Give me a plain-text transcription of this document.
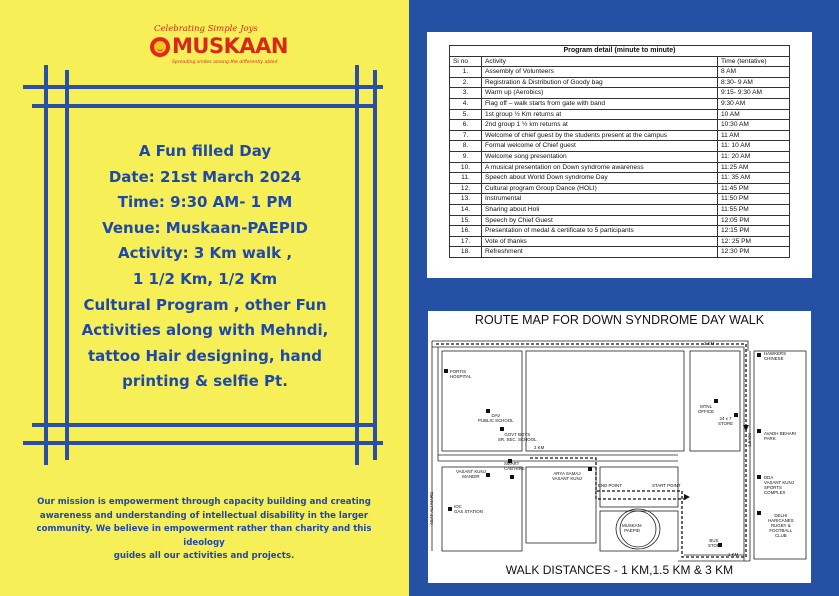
Celebrating Simple Joys
MUSKAAN
Spreading smiles among the differently abled
A Fun filled Day
Date: 21st March 2024
Time: 9:30 AM- 1 PM
Venue: Muskaan-PAEPID
Activity: 3 Km walk ,
1 1/2 Km, 1/2 Km
Cultural Program , other Fun
Activities along with Mehndi,
tattoo Hair designing, hand
printing & selfie Pt.
Our mission is empowerment through capacity building and creating
awareness and understanding of intellectual disability in the larger
community. We believe in empowerment rather than charity and this ideology
guides all our activities and projects.
Program detail (minute to minute)		
Si no	Activity	Time (tentative)
1.	Assembly of Volunteers	8 AM
2.	Registration & Distribution of Goody bag	8:30- 9 AM
3.	Warm up (Aerobics)	9:15- 9:30 AM
4.	Flag off – walk starts from gate with band	9:30 AM
5.	1st group ½ Km returns at	10 AM
6.	2nd group 1 ½ km returns at	10:30 AM
7.	Welcome of chief guest by the students present at the campus	11 AM
8.	Formal welcome of Chief guest	11: 10 AM
9.	Welcome song presentation	11: 20 AM
10.	A musical presentation on Down syndrome awareness	11:25 AM
11.	Speech about World Down syndrome Day	11: 35 AM
12.	Cultural program Group Dance (HOLI)	11:45 PM
13.	Instrumental	11:50 PM
14.	Sharing about Holi	11:55 PM
15.	Speech by Chief Guest	12:05 PM
16.	Presentation of medal & certificate to 5 participants	12:15 PM
17.	Vote of thanks	12: 25 PM
18.	Refreshment	12:30 PM
ROUTE MAP FOR DOWN SYNDROME DAY WALK
FORTIS
HOSPITAL
DAV
PUBLIC SCHOOL
GOVT BOYS
SR. SEC. SCHOOL
SMART
CAB HIRE
ARYA SAMAJ
VASANT KUNJ
VASANT KUNJ
MANDIR
IOC
GAS STATION
MTNL
OFFICE
24 x 7
STORE
HAWKERS
CHINESE
AVADH BEHARI
PARK
DDA
VASANT KUNJ
SPORTS
COMPLEX
DELHI
HARICANES
RUGBY &
FOOTBALL
CLUB
END POINT	START POINT
MUSKAN-
PAEPID
BUS
STOP
ASAF ALI MARG
3 KM
2 KM
1.5 KM
1 KM
WALK DISTANCES - 1 KM,1.5 KM & 3 KM
